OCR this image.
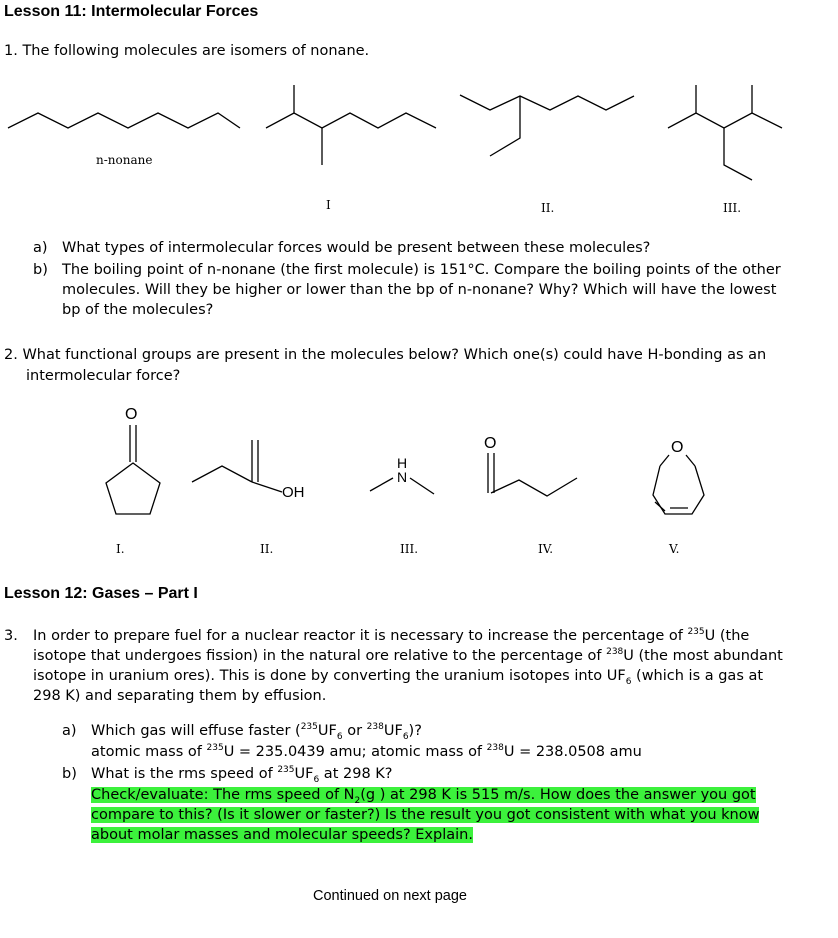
Lesson 11: Intermolecular Forces
1. The following molecules are isomers of nonane.
O
OH
H
N
O	O
n-nonane
I	II.	III.
a) What types of intermolecular forces would be present between these molecules?
b) The boiling point of n-nonane (the first molecule) is 151°C. Compare the boiling points of the other molecules. Will they be higher or lower than the bp of n-nonane? Why? Which will have the lowest bp of the molecules?
2. What functional groups are present in the molecules below? Which one(s) could have H-bonding as an
intermolecular force?
I.	II.	III.	IV.	V.
Lesson 12: Gases – Part I
3. In order to prepare fuel for a nuclear reactor it is necessary to increase the percentage of $^{235}$U (the isotope that undergoes fission) in the natural ore relative to the percentage of $^{238}$U (the most abundant isotope in uranium ores). This is done by converting the uranium isotopes into $UF_6$ (which is a gas at 298 K) and separating them by effusion.
a) Which gas will effuse faster ($^{235}UF_6$ or $^{238}UF_6$)?
atomic mass of $^{235}$U = 235.0439 amu; atomic mass of $^{238}$U = 238.0508 amu
b) What is the rms speed of $^{235}UF_6$ at 298 K?
Check/evaluate: The rms speed of $N_2(g$ ) at 298 K is 515 m/s. How does the answer you got compare to this? (Is it slower or faster?) Is the result you got consistent with what you know about molar masses and molecular speeds? Explain.
Continued on next page
